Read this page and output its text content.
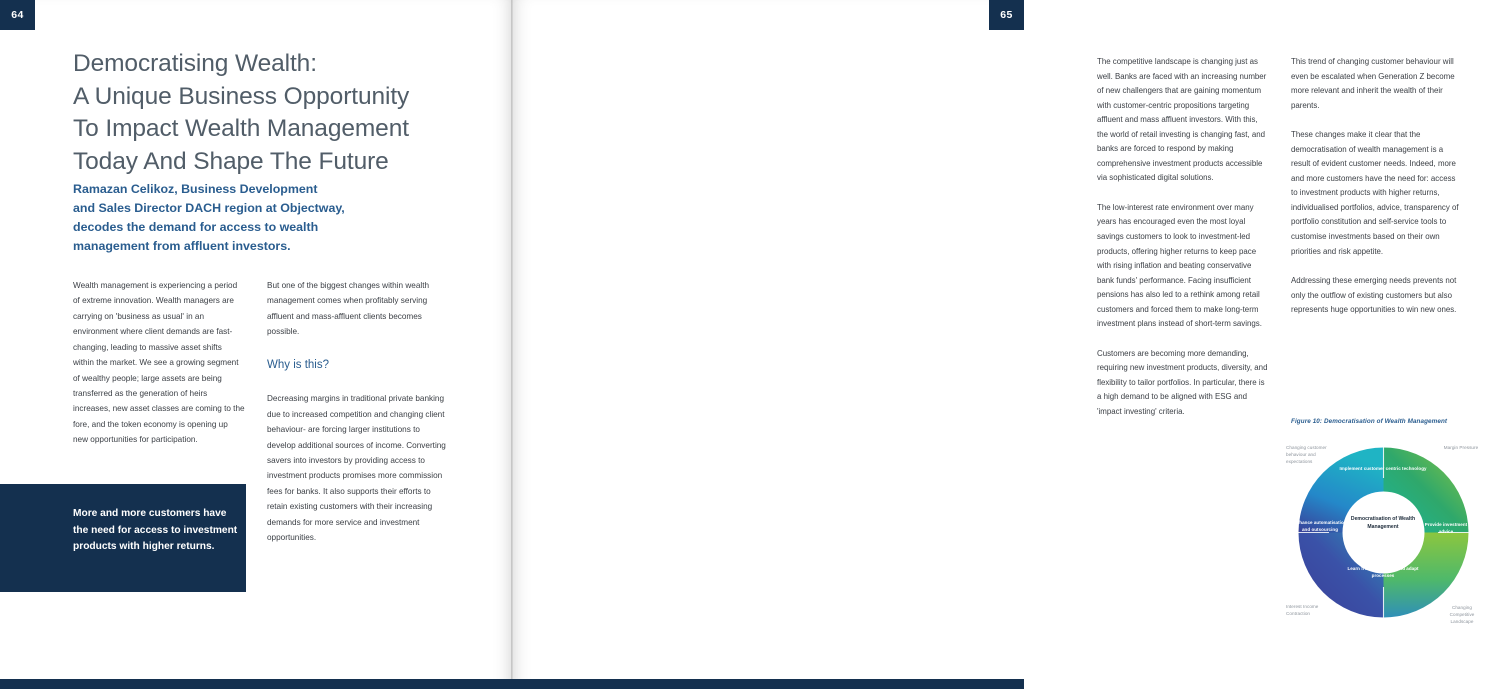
64
Democratising Wealth:
A Unique Business Opportunity
To Impact Wealth Management
Today And Shape The Future
Ramazan Celikoz, Business Development
and Sales Director DACH region at Objectway,
decodes the demand for access to wealth
management from affluent investors.

Wealth management is experiencing a period of extreme innovation. Wealth managers are carrying on 'business as usual' in an environment where client demands are fast-changing, leading to massive asset shifts within the market. We see a growing segment of wealthy people; large assets are being transferred as the generation of heirs increases, new asset classes are coming to the fore, and the token economy is opening up new opportunities for participation.

But one of the biggest changes within wealth management comes when profitably serving affluent and mass-affluent clients becomes possible.

Why is this?

Decreasing margins in traditional private banking due to increased competition and changing client behaviour- are forcing larger institutions to develop additional sources of income. Converting savers into investors by providing access to investment products promises more commission fees for banks. It also supports their efforts to retain existing customers with their increasing demands for more service and investment opportunities.

More and more customers have the need for access to investment products with higher returns.
65

The competitive landscape is changing just as well. Banks are faced with an increasing number of new challengers that are gaining momentum with customer-centric propositions targeting affluent and mass affluent investors. With this, the world of retail investing is changing fast, and banks are forced to respond by making comprehensive investment products accessible via sophisticated digital solutions.

The low-interest rate environment over many years has encouraged even the most loyal savings customers to look to investment-led products, offering higher returns to keep pace with rising inflation and beating conservative bank funds' performance. Facing insufficient pensions has also led to a rethink among retail customers and forced them to make long-term investment plans instead of short-term savings.

Customers are becoming more demanding, requiring new investment products, diversity, and flexibility to tailor portfolios. In particular, there is a high demand to be aligned with ESG and 'impact investing' criteria.

This trend of changing customer behaviour will even be escalated when Generation Z become more relevant and inherit the wealth of their parents.

These changes make it clear that the democratisation of wealth management is a result of evident customer needs. Indeed, more and more customers have the need for: access to investment products with higher returns, individualised portfolios, advice, transparency of portfolio constitution and self-service tools to customise investments based on their own priorities and risk appetite.

Addressing these emerging needs prevents not only the outflow of existing customers but also represents huge opportunities to win new ones.

Figure 10: Democratisation of Wealth Management
Democratisation of Wealth Management
Implement customer centric technology
Provide investment advice
Learn from client data and adapt processes
Enhance automatisation and outsourcing
Changing customer behaviour and expectations
Margin Pressure
Interest Income Contraction
Changing Competitive Landscape
